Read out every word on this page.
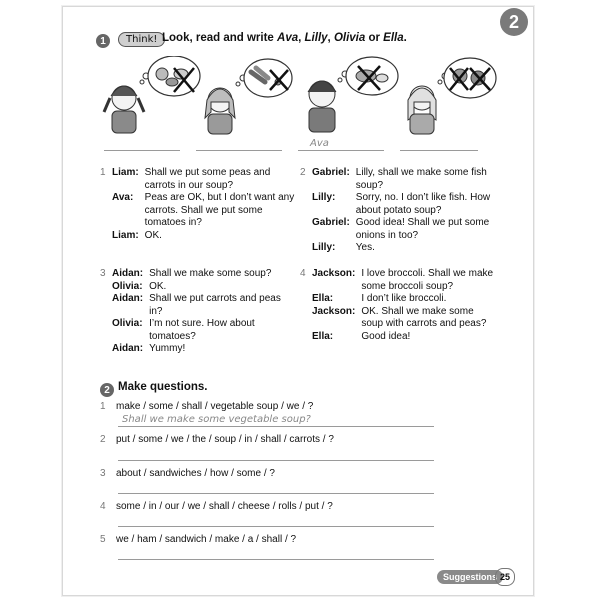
2
1	Think! Look, read and write Ava, Lilly, Olivia or Ella.
Ava
1	Liam:	Shall we put some peas and carrots in our soup?
	Ava:	Peas are OK, but I don’t want any carrots. Shall we put some tomatoes in?
	Liam:	OK.
2	Gabriel:	Lilly, shall we make some fish soup?
	Lilly:	Sorry, no. I don’t like fish. How about potato soup?
	Gabriel:	Good idea! Shall we put some onions in too?
	Lilly:	Yes.
3	Aidan:	Shall we make some soup?
	Olivia:	OK.
	Aidan:	Shall we put carrots and peas in?
	Olivia:	I’m not sure. How about tomatoes?
	Aidan:	Yummy!
4	Jackson:	I love broccoli. Shall we make some broccoli soup?
	Ella:	I don’t like broccoli.
	Jackson:	OK. Shall we make some soup with carrots and peas?
	Ella:	Good idea!
2 Make questions.
1 make / some / shall / vegetable soup / we / ?
Shall we make some vegetable soup?
2 put / some / we / the / soup / in / shall / carrots / ?
3 about / sandwiches / how / some / ?
4 some / in / our / we / shall / cheese / rolls / put / ?
5 we / ham / sandwich / make / a / shall / ?
Suggestions 25
